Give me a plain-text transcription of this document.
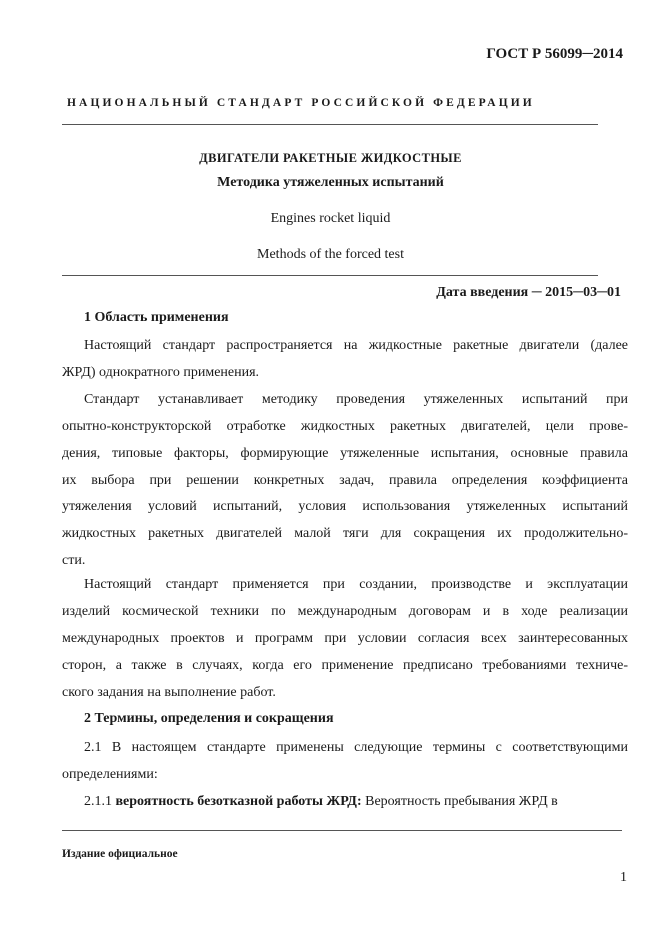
ГОСТ Р 56099─2014
НАЦИОНАЛЬНЫЙ СТАНДАРТ РОССИЙСКОЙ ФЕДЕРАЦИИ
ДВИГАТЕЛИ РАКЕТНЫЕ ЖИДКОСТНЫЕ
Методика утяжеленных испытаний
Engines rocket liquid
Methods of the forced test
Дата введения ─ 2015─03─01
1 Область применения
Настоящий стандарт распространяется на жидкостные ракетные двигатели (далее
ЖРД) однократного применения.
Стандарт устанавливает методику проведения утяжеленных испытаний при
опытно-конструкторской отработке жидкостных ракетных двигателей, цели прове-
дения, типовые факторы, формирующие утяжеленные испытания, основные правила
их выбора при решении конкретных задач, правила определения коэффициента
утяжеления условий испытаний, условия использования утяжеленных испытаний
жидкостных ракетных двигателей малой тяги для сокращения их продолжительно-
сти.
Настоящий стандарт применяется при создании, производстве и эксплуатации
изделий космической техники по международным договорам и в ходе реализации
международных проектов и программ при условии согласия всех заинтересованных
сторон, а также в случаях, когда его применение предписано требованиями техниче-
ского задания на выполнение работ.
2 Термины, определения и сокращения
2.1 В настоящем стандарте применены следующие термины с соответствующими
определениями:
2.1.1 вероятность безотказной работы ЖРД: Вероятность пребывания ЖРД в
Издание официальное
1
